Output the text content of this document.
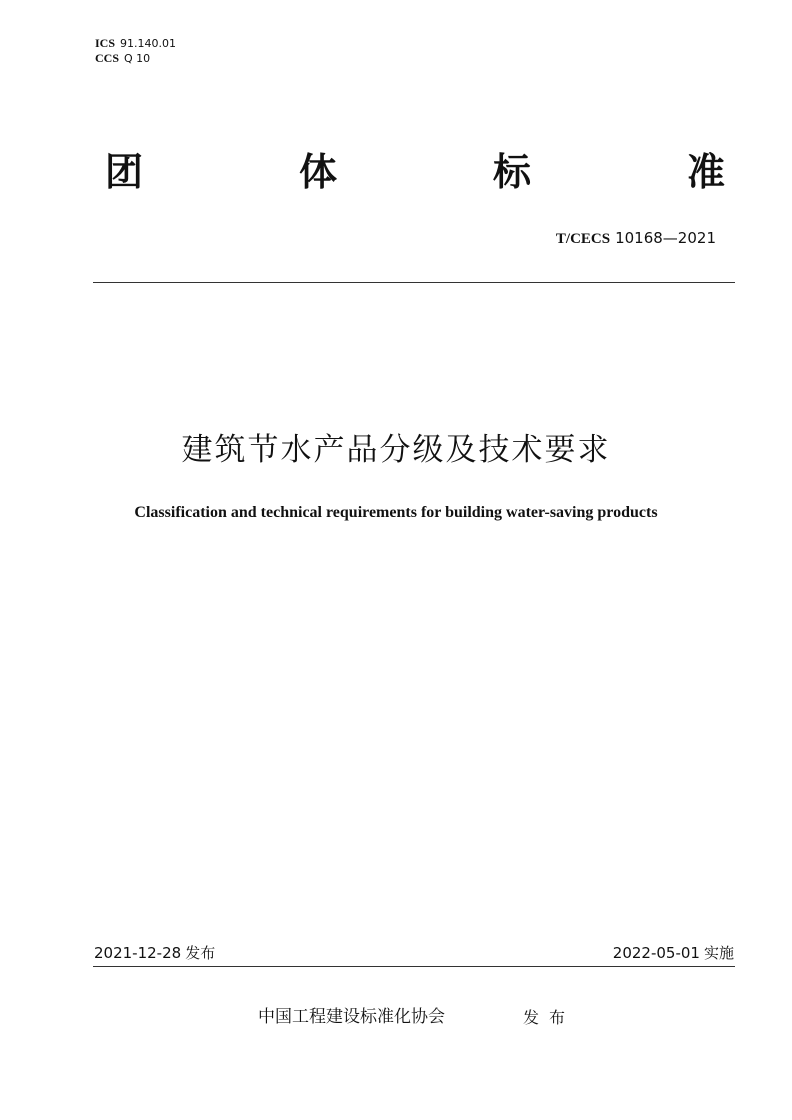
ICS 91.140.01
CCS Q 10
团	体	标	准
T/CECS 10168—2021
建筑节水产品分级及技术要求
Classification and technical requirements for building water-saving products
2021-12-28 发布	2022-05-01 实施
中国工程建设标准化协会	发布
